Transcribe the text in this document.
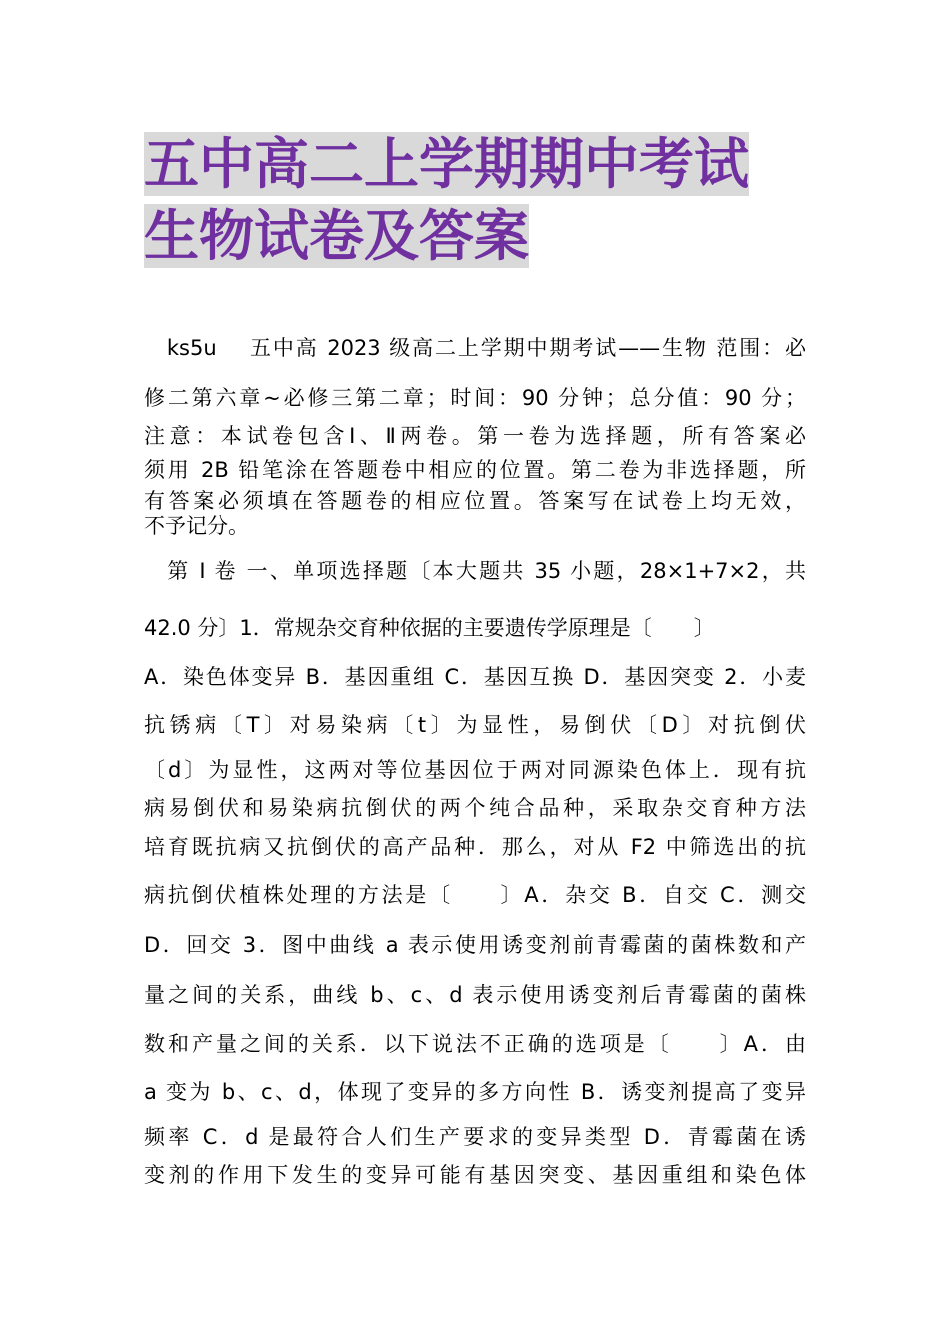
五中高二上学期期中考试
生物试卷及答案
　ks5u　 五中高 2023 级高二上学期中期考试——生物 范围：必
修二第六章~必修三第二章；时间：90 分钟；总分值：90 分；
注意：本试卷包含Ⅰ、Ⅱ两卷。第一卷为选择题，所有答案必
须用 2B 铅笔涂在答题卷中相应的位置。第二卷为非选择题，所
有答案必须填在答题卷的相应位置。答案写在试卷上均无效，
不予记分。
　第 I 卷 一、单项选择题〔本大题共 35 小题，28×1+7×2，共
42.0 分〕1．常规杂交育种依据的主要遗传学原理是〔　　〕
A．染色体变异 B．基因重组 C．基因互换 D．基因突变 2．小麦
抗锈病〔T〕对易染病〔t〕为显性，易倒伏〔D〕对抗倒伏
〔d〕为显性，这两对等位基因位于两对同源染色体上．现有抗
病易倒伏和易染病抗倒伏的两个纯合品种，采取杂交育种方法
培育既抗病又抗倒伏的高产品种．那么，对从 F2 中筛选出的抗
病抗倒伏植株处理的方法是〔　　〕A．杂交 B．自交 C．测交
D．回交 3．图中曲线 a 表示使用诱变剂前青霉菌的菌株数和产
量之间的关系，曲线 b、c、d 表示使用诱变剂后青霉菌的菌株
数和产量之间的关系．以下说法不正确的选项是〔　　〕A．由
a 变为 b、c、d，体现了变异的多方向性 B．诱变剂提高了变异
频率 C．d 是最符合人们生产要求的变异类型 D．青霉菌在诱
变剂的作用下发生的变异可能有基因突变、基因重组和染色体
